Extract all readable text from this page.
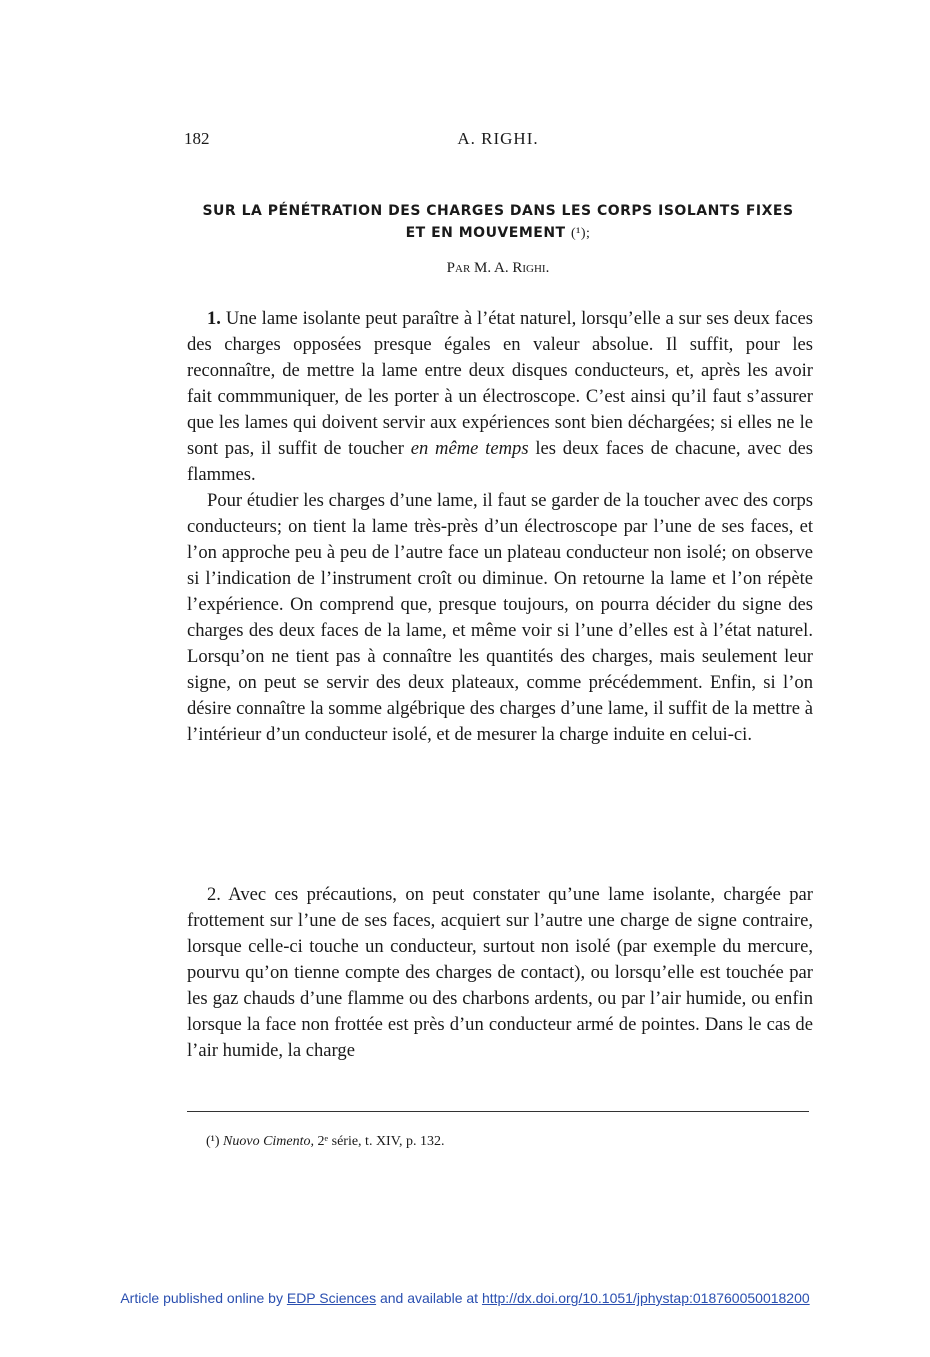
182	A. RIGHI.
SUR LA PÉNÉTRATION DES CHARGES DANS LES CORPS ISOLANTS FIXES
ET EN MOUVEMENT (¹);
Par M. A. Righi.

1. Une lame isolante peut paraître à l’état naturel, lorsqu’elle a sur ses deux faces des charges opposées presque égales en valeur absolue. Il suffit, pour les reconnaître, de mettre la lame entre deux disques conducteurs, et, après les avoir fait commmuniquer, de les porter à un électroscope. C’est ainsi qu’il faut s’assurer que les lames qui doivent servir aux expériences sont bien déchargées; si elles ne le sont pas, il suffit de toucher en même temps les deux faces de chacune, avec des flammes.

Pour étudier les charges d’une lame, il faut se garder de la toucher avec des corps conducteurs; on tient la lame très-près d’un électroscope par l’une de ses faces, et l’on approche peu à peu de l’autre face un plateau conducteur non isolé; on observe si l’indication de l’instrument croît ou diminue. On retourne la lame et l’on répète l’expérience. On comprend que, presque toujours, on pourra décider du signe des charges des deux faces de la lame, et même voir si l’une d’elles est à l’état naturel. Lorsqu’on ne tient pas à connaître les quantités des charges, mais seulement leur signe, on peut se servir des deux plateaux, comme précédemment. Enfin, si l’on désire connaître la somme algébrique des charges d’une lame, il suffit de la mettre à l’intérieur d’un conducteur isolé, et de mesurer la charge induite en celui-ci.

2. Avec ces précautions, on peut constater qu’une lame isolante, chargée par frottement sur l’une de ses faces, acquiert sur l’autre une charge de signe contraire, lorsque celle-ci touche un conducteur, surtout non isolé (par exemple du mercure, pourvu qu’on tienne compte des charges de contact), ou lorsqu’elle est touchée par les gaz chauds d’une flamme ou des charbons ardents, ou par l’air humide, ou enfin lorsque la face non frottée est près d’un conducteur armé de pointes. Dans le cas de l’air humide, la charge

(¹) Nuovo Cimento, 2ᵉ série, t. XIV, p. 132.
Article published online by EDP Sciences and available at http://dx.doi.org/10.1051/jphystap:018760050018200
